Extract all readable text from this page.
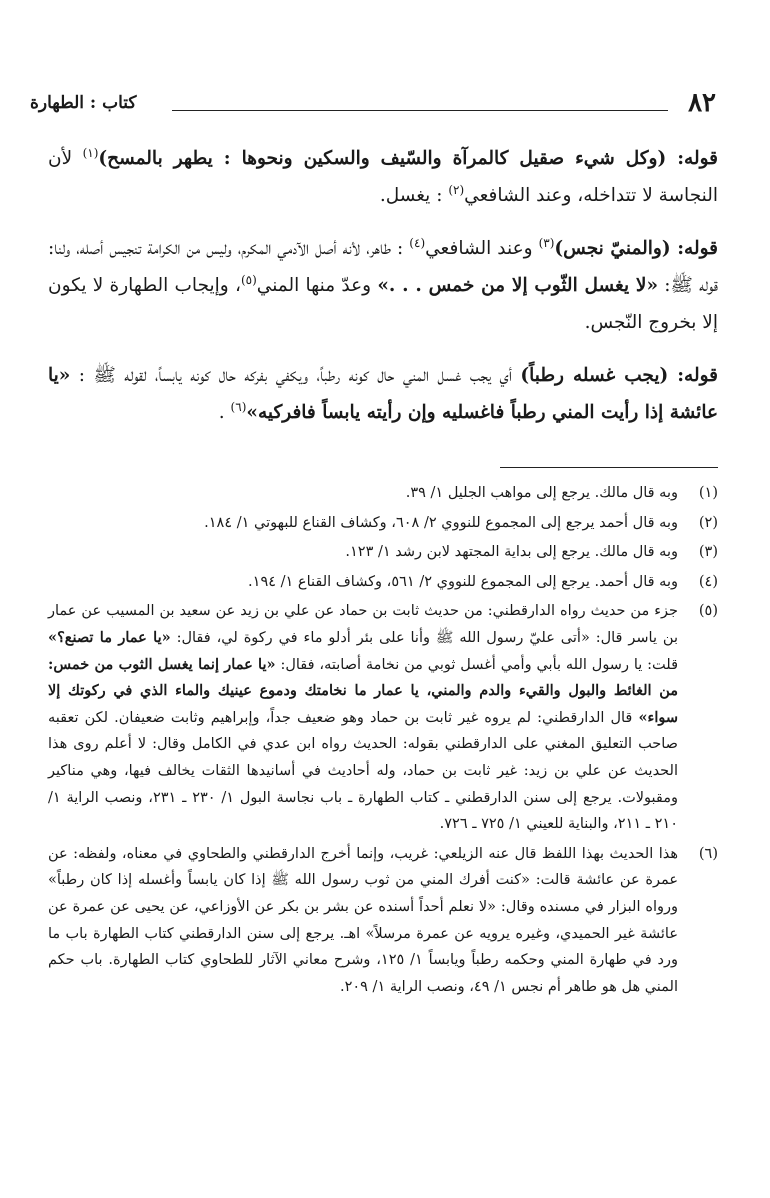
٨٢
كتاب : الطهارة

قوله: (وكل شيء صقيل كالمرآة والسّيف والسكين ونحوها : يطهر بالمسح)$^{(١)}$ لأن النجاسة لا تتداخله، وعند الشافعي$^{(٢)}$ : يغسل.

قوله: (والمنيّ نجس)$^{(٣)}$ وعند الشافعي$^{(٤)}$ : طاهر، لأنه أصل الآدمي المكرم، وليس من الكرامة تنجيس أصله، ولنا: قوله ﷺ: «لا يغسل الثّوب إلا من خمس . . .» وعدّ منها المني$^{(٥)}$، وإيجاب الطهارة لا يكون إلا بخروج النّجس.

قوله: (يجب غسله رطباً) أي يجب غسل المني حال كونه رطباً، ويكفي بفركه حال كونه يابساً، لقوله ﷺ : «يا عائشة إذا رأيت المني رطباً فاغسليه وإن رأيته يابساً فافركيه»$^{(٦)}$ .

(١)
وبه قال مالك. يرجع إلى مواهب الجليل ١/ ٣٩.
(٢)
وبه قال أحمد يرجع إلى المجموع للنووي ٢/ ٦٠٨، وكشاف القناع للبهوتي ١/ ١٨٤.
(٣)
وبه قال مالك. يرجع إلى بداية المجتهد لابن رشد ١/ ١٢٣.
(٤)
وبه قال أحمد. يرجع إلى المجموع للنووي ٢/ ٥٦١، وكشاف القناع ١/ ١٩٤.
(٥)
جزء من حديث رواه الدارقطني: من حديث ثابت بن حماد عن علي بن زيد عن سعيد بن المسيب عن عمار بن ياسر قال: «أتى عليّ رسول الله ﷺ وأنا على بئر أدلو ماء في ركوة لي، فقال: «يا عمار ما تصنع؟» قلت: يا رسول الله بأبي وأمي أغسل ثوبي من نخامة أصابته، فقال: «يا عمار إنما يغسل الثوب من خمس: من الغائط والبول والقيء والدم والمني، يا عمار ما نخامتك ودموع عينيك والماء الذي في ركوتك إلا سواء» قال الدارقطني: لم يروه غير ثابت بن حماد وهو ضعيف جداً، وإبراهيم وثابت ضعيفان. لكن تعقبه صاحب التعليق المغني على الدارقطني بقوله: الحديث رواه ابن عدي في الكامل وقال: لا أعلم روى هذا الحديث عن علي بن زيد: غير ثابت بن حماد، وله أحاديث في أسانيدها الثقات يخالف فيها، وهي مناكير ومقبولات. يرجع إلى سنن الدارقطني ـ كتاب الطهارة ـ باب نجاسة البول ١/ ٢٣٠ ـ ٢٣١، ونصب الراية ١/ ٢١٠ ـ ٢١١، والبناية للعيني ١/ ٧٢٥ ـ ٧٢٦.
(٦)
هذا الحديث بهذا اللفظ قال عنه الزيلعي: غريب، وإنما أخرج الدارقطني والطحاوي في معناه، ولفظه: عن عمرة عن عائشة قالت: «كنت أفرك المني من ثوب رسول الله ﷺ إذا كان يابساً وأغسله إذا كان رطباً» ورواه البزار في مسنده وقال: «لا نعلم أحداً أسنده عن بشر بن بكر عن الأوزاعي، عن يحيى عن عمرة عن عائشة غير الحميدي، وغيره يرويه عن عمرة مرسلاً» اهـ. يرجع إلى سنن الدارقطني كتاب الطهارة باب ما ورد في طهارة المني وحكمه رطباً ويابساً ١/ ١٢٥، وشرح معاني الآثار للطحاوي كتاب الطهارة. باب حكم المني هل هو طاهر أم نجس ١/ ٤٩، ونصب الراية ١/ ٢٠٩.
